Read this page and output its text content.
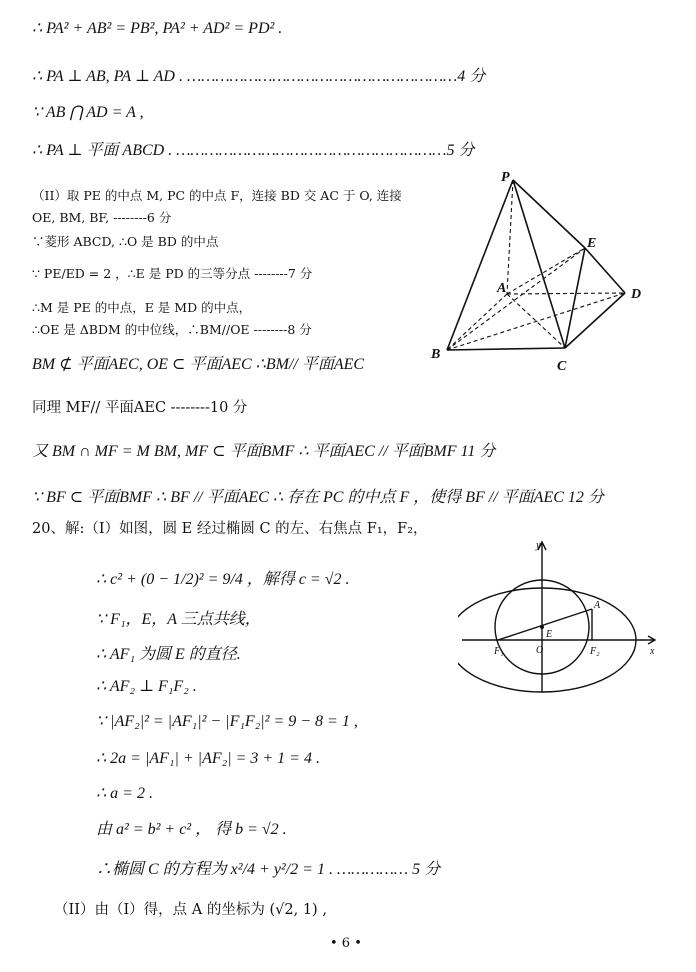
∴ PA² + AB² = PB², PA² + AD² = PD² .
∴ PA ⊥ AB, PA ⊥ AD . …………………………………………………4 分
∵ AB ⋂ AD = A ,
∴ PA ⊥ 平面 ABCD . …………………………………………………5 分
（II）取 PE 的中点 M, PC 的中点 F，连接 BD 交 AC 于 O, 连接
OE, BM, BF, --------6 分
∵菱形 ABCD, ∴O 是 BD 的中点
∵ PE/ED = 2 ，∴E 是 PD 的三等分点 --------7 分
∴M 是 PE 的中点，E 是 MD 的中点，
∴OE 是 ΔBDM 的中位线，∴BM//OE --------8 分
BM ⊄ 平面AEC, OE ⊂ 平面AEC ∴BM// 平面AEC
同理 MF// 平面AEC --------10 分
又 BM ∩ MF = M BM, MF ⊂ 平面BMF ∴ 平面AEC // 平面BMF 11 分
∵ BF ⊂ 平面BMF ∴ BF // 平面AEC ∴ 存在 PC 的中点 F ，使得 BF // 平面AEC 12 分
20、解:（I）如图，圆 E 经过椭圆 C 的左、右焦点 F₁，F₂，
∴ c² + (0 − 1/2)² = 9/4 ，解得 c = √2 .
∵ F₁，E，A 三点共线，
∴ AF₁ 为圆 E 的直径.
∴ AF₂ ⊥ F₁F₂ .
∵ |AF₂|² = |AF₁|² − |F₁F₂|² = 9 − 8 = 1 ,
∴ 2a = |AF₁| + |AF₂| = 3 + 1 = 4 .
∴ a = 2 .
由 a² = b² + c² ， 得 b = √2 .
∴椭圆 C 的方程为 x²/4 + y²/2 = 1 . …………… 5 分
（II）由（I）得，点 A 的坐标为 (√2, 1) ,
• 6 •
P
A
B
C
D
E
y
x
O
A
E
F₁	F₂
